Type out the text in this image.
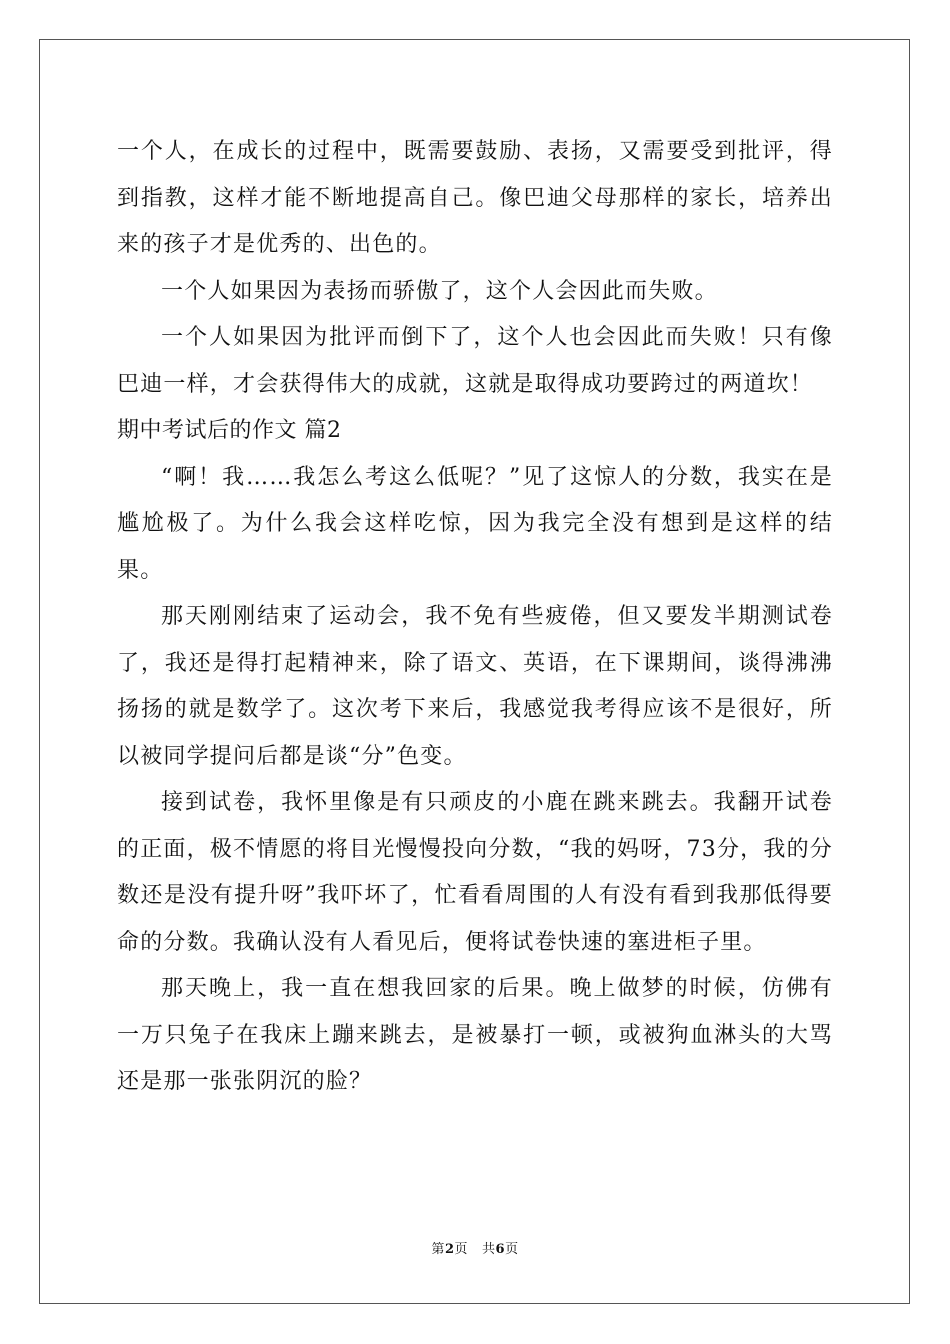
一个人，在成长的过程中，既需要鼓励、表扬，又需要受到批评，得到指教，这样才能不断地提高自己。像巴迪父母那样的家长，培养出来的孩子才是优秀的、出色的。

一个人如果因为表扬而骄傲了，这个人会因此而失败。

一个人如果因为批评而倒下了，这个人也会因此而失败！只有像巴迪一样，才会获得伟大的成就，这就是取得成功要跨过的两道坎！

期中考试后的作文 篇2

“啊！我……我怎么考这么低呢？”见了这惊人的分数，我实在是尴尬极了。为什么我会这样吃惊，因为我完全没有想到是这样的结果。

那天刚刚结束了运动会，我不免有些疲倦，但又要发半期测试卷了，我还是得打起精神来，除了语文、英语，在下课期间，谈得沸沸扬扬的就是数学了。这次考下来后，我感觉我考得应该不是很好，所以被同学提问后都是谈“分”色变。

接到试卷，我怀里像是有只顽皮的小鹿在跳来跳去。我翻开试卷的正面，极不情愿的将目光慢慢投向分数，“我的妈呀，73分，我的分数还是没有提升呀”我吓坏了，忙看看周围的人有没有看到我那低得要命的分数。我确认没有人看见后，便将试卷快速的塞进柜子里。

那天晚上，我一直在想我回家的后果。晚上做梦的时候，仿佛有一万只兔子在我床上蹦来跳去，是被暴打一顿，或被狗血淋头的大骂还是那一张张阴沉的脸？

第2页 共6页
